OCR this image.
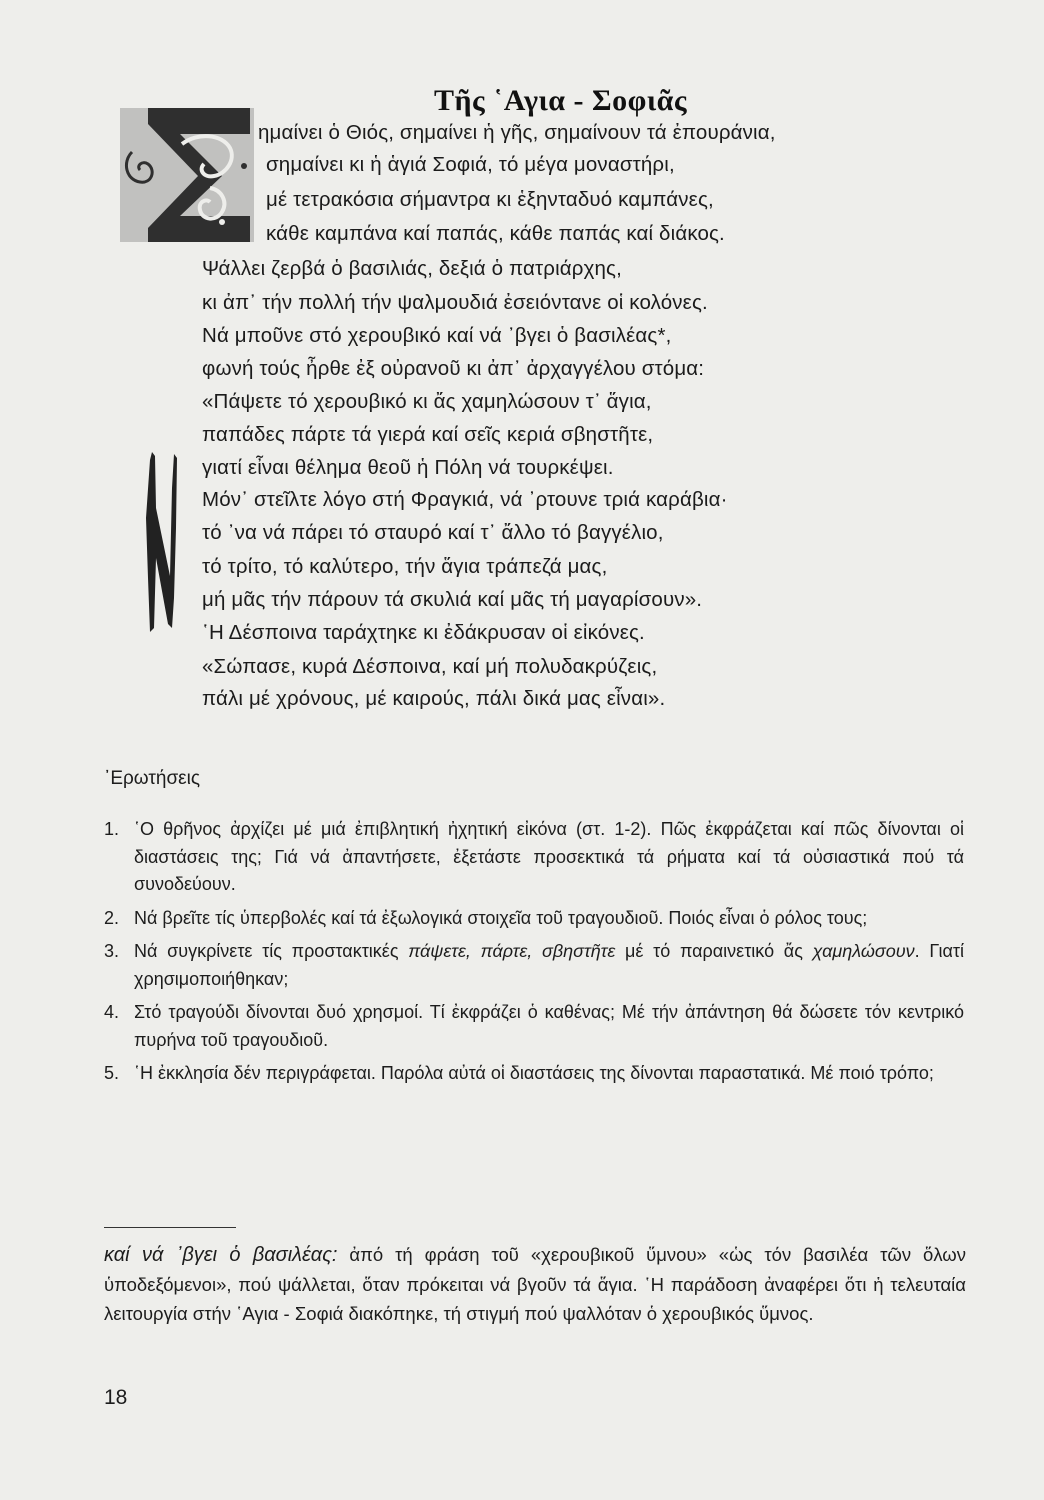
Τῆς ῾Αγια - Σοφιᾶς
ημαίνει ὁ Θιός, σημαίνει ἡ γῆς, σημαίνουν τά ἐπουράνια,
σημαίνει κι ἡ ἁγιά Σοφιά, τό μέγα μοναστήρι,
μέ τετρακόσια σήμαντρα κι ἑξηνταδυό καμπάνες,
κάθε καμπάνα καί παπάς, κάθε παπάς καί διάκος.
Ψάλλει ζερβά ὁ βασιλιάς, δεξιά ὁ πατριάρχης,
κι ἀπ᾽ τήν πολλή τήν ψαλμουδιά ἐσειόντανε οἱ κολόνες.
Νά μποῦνε στό χερουβικό καί νά ᾽βγει ὁ βασιλέας*,
φωνή τούς ἦρθε ἐξ οὐρανοῦ κι ἀπ᾽ ἀρχαγγέλου στόμα:
«Πάψετε τό χερουβικό κι ἄς χαμηλώσουν τ᾽ ἅγια,
παπάδες πάρτε τά γιερά καί σεῖς κεριά σβηστῆτε,
γιατί εἶναι θέλημα θεοῦ ἡ Πόλη νά τουρκέψει.
Μόν᾽ στεῖλτε λόγο στή Φραγκιά, νά ᾽ρτουνε τριά καράβια·
τό ᾽να νά πάρει τό σταυρό καί τ᾽ ἄλλο τό βαγγέλιο,
τό τρίτο, τό καλύτερο, τήν ἅγια τράπεζά μας,
μή μᾶς τήν πάρουν τά σκυλιά καί μᾶς τή μαγαρίσουν».
῾Η Δέσποινα ταράχτηκε κι ἐδάκρυσαν οἱ εἰκόνες.
«Σώπασε, κυρά Δέσποινα, καί μή πολυδακρύζεις,
πάλι μέ χρόνους, μέ καιρούς, πάλι δικά μας εἶναι».
᾽Ερωτήσεις
1. ῾Ο θρῆνος ἀρχίζει μέ μιά ἐπιβλητική ἠχητική εἰκόνα (στ. 1-2). Πῶς ἐκφράζεται καί πῶς δίνονται οἱ διαστάσεις της; Γιά νά ἀπαντήσετε, ἐξετάστε προσεκτικά τά ρήματα καί τά οὐσιαστικά πού τά συνοδεύουν.
2. Νά βρεῖτε τίς ὑπερβολές καί τά ἐξωλογικά στοιχεῖα τοῦ τραγουδιοῦ. Ποιός εἶναι ὁ ρόλος τους;
3. Νά συγκρίνετε τίς προστακτικές πάψετε, πάρτε, σβηστῆτε μέ τό παραινετικό ἄς χαμηλώσουν. Γιατί χρησιμοποιήθηκαν;
4. Στό τραγούδι δίνονται δυό χρησμοί. Τί ἐκφράζει ὁ καθένας; Μέ τήν ἀπάντηση θά δώσετε τόν κεντρικό πυρήνα τοῦ τραγουδιοῦ.
5. ῾Η ἐκκλησία δέν περιγράφεται. Παρόλα αὐτά οἱ διαστάσεις της δίνονται παραστατικά. Μέ ποιό τρόπο;
καί νά ᾽βγει ὁ βασιλέας: ἀπό τή φράση τοῦ «χερουβικοῦ ὕμνου» «ὡς τόν βασιλέα τῶν ὅλων ὑποδεξόμενοι», πού ψάλλεται, ὅταν πρόκειται νά βγοῦν τά ἅγια. ῾Η παράδοση ἀναφέρει ὅτι ἡ τελευταία λειτουργία στήν ῾Αγια - Σοφιά διακόπηκε, τή στιγμή πού ψαλλόταν ὁ χερουβικός ὕμνος.
18
